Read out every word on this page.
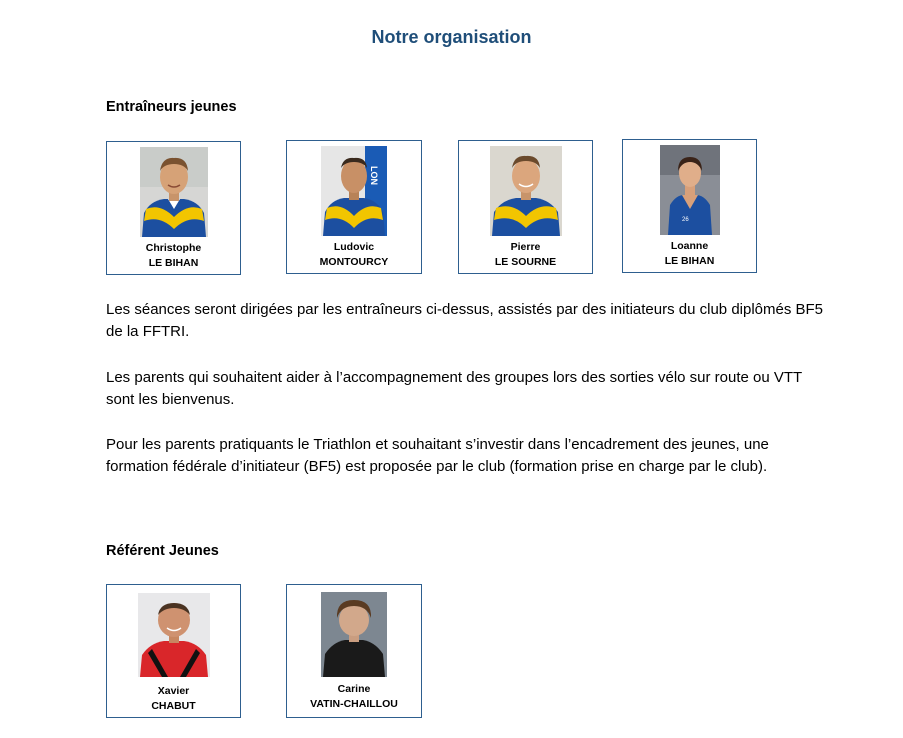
Notre organisation
Entraîneurs jeunes
Christophe
LE BIHAN
LON
Ludovic
MONTOURCY
Pierre
LE SOURNE
26
Loanne
LE BIHAN
Les séances seront dirigées par les entraîneurs ci-dessus, assistés par des initiateurs du club diplômés BF5 de la FFTRI.
Les parents qui souhaitent aider à l’accompagnement des groupes lors des sorties vélo sur route ou VTT sont les bienvenus.
Pour les parents pratiquants le Triathlon et souhaitant s’investir dans l’encadrement des jeunes, une formation fédérale d’initiateur (BF5) est proposée par le club (formation prise en charge par le club).
Référent Jeunes
Xavier
CHABUT
Carine
VATIN-CHAILLOU
